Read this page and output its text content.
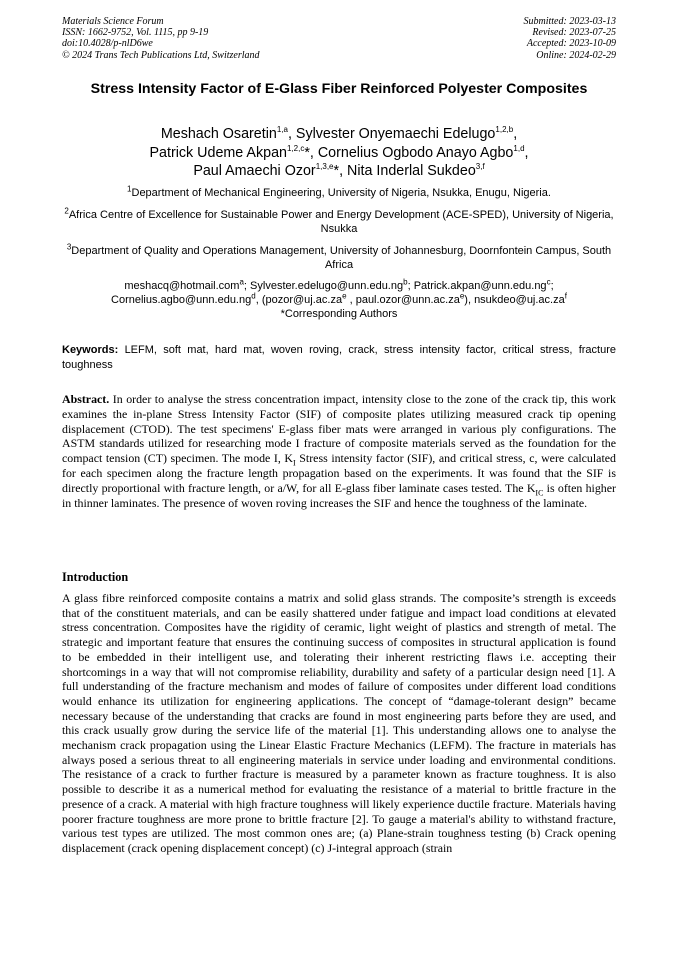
Materials Science Forum
ISSN: 1662-9752, Vol. 1115, pp 9-19
doi:10.4028/p-nlD6we
© 2024 Trans Tech Publications Ltd, Switzerland
Submitted: 2023-03-13
Revised: 2023-07-25
Accepted: 2023-10-09
Online: 2024-02-29
Stress Intensity Factor of E-Glass Fiber Reinforced Polyester Composites
Meshach Osaretin$^{1,a}$, Sylvester Onyemaechi Edelugo$^{1,2,b}$,
Patrick Udeme Akpan$^{1,2,c}$*, Cornelius Ogbodo Anayo Agbo$^{1,d}$,
Paul Amaechi Ozor$^{1,3,e}$*, Nita Inderlal Sukdeo$^{3,f}$
$^1$Department of Mechanical Engineering, University of Nigeria, Nsukka, Enugu, Nigeria.
$^2$Africa Centre of Excellence for Sustainable Power and Energy Development (ACE-SPED), University of Nigeria, Nsukka
$^3$Department of Quality and Operations Management, University of Johannesburg, Doornfontein Campus, South Africa
meshacq@hotmail.com$^a$; $Sylvester.edelugo@unn.edu.ng^b$; $Patrick.akpan@unn.edu.ng^c$;
$Cornelius.agbo@unn.edu.ng^d$, ($pozor@uj.ac.za^e$ , $paul.ozor@unn.ac.za^e$), $nsukdeo@uj.ac.za^f$
*Corresponding Authors
Keywords: LEFM, soft mat, hard mat, woven roving, crack, stress intensity factor, critical stress, fracture toughness
Abstract. In order to analyse the stress concentration impact, intensity close to the zone of the crack tip, this work examines the in-plane Stress Intensity Factor (SIF) of composite plates utilizing measured crack tip opening displacement (CTOD). The test specimens' E-glass fiber mats were arranged in various ply configurations. The ASTM standards utilized for researching mode I fracture of composite materials served as the foundation for the compact tension (CT) specimen. The mode I, $K_I$ Stress intensity factor (SIF), and critical stress, c, were calculated for each specimen along the fracture length propagation based on the experiments. It was found that the SIF is directly proportional with fracture length, or a/W, for all E-glass fiber laminate cases tested. The $K_{IC}$ is often higher in thinner laminates. The presence of woven roving increases the SIF and hence the toughness of the laminate.
Introduction
A glass fibre reinforced composite contains a matrix and solid glass strands. The composite’s strength is exceeds that of the constituent materials, and can be easily shattered under fatigue and impact load conditions at elevated stress concentration. Composites have the rigidity of ceramic, light weight of plastics and strength of metal. The strategic and important feature that ensures the continuing success of composites in structural application is found to be embedded in their intelligent use, and tolerating their inherent restricting flaws i.e. accepting their shortcomings in a way that will not compromise reliability, durability and safety of a particular design need [1]. A full understanding of the fracture mechanism and modes of failure of composites under different load conditions would enhance its utilization for engineering applications. The concept of “damage-tolerant design” became necessary because of the understanding that cracks are found in most engineering parts before they are used, and this crack usually grow during the service life of the material [1]. This understanding allows one to analyse the mechanism crack propagation using the Linear Elastic Fracture Mechanics (LEFM). The fracture in materials has always posed a serious threat to all engineering materials in service under loading and environmental conditions. The resistance of a crack to further fracture is measured by a parameter known as fracture toughness. It is also possible to describe it as a numerical method for evaluating the resistance of a material to brittle fracture in the presence of a crack. A material with high fracture toughness will likely experience ductile fracture. Materials having poorer fracture toughness are more prone to brittle fracture [2]. To gauge a material's ability to withstand fracture, various test types are utilized. The most common ones are; (a) Plane-strain toughness testing (b) Crack opening displacement (crack opening displacement concept) (c) J-integral approach (strain
